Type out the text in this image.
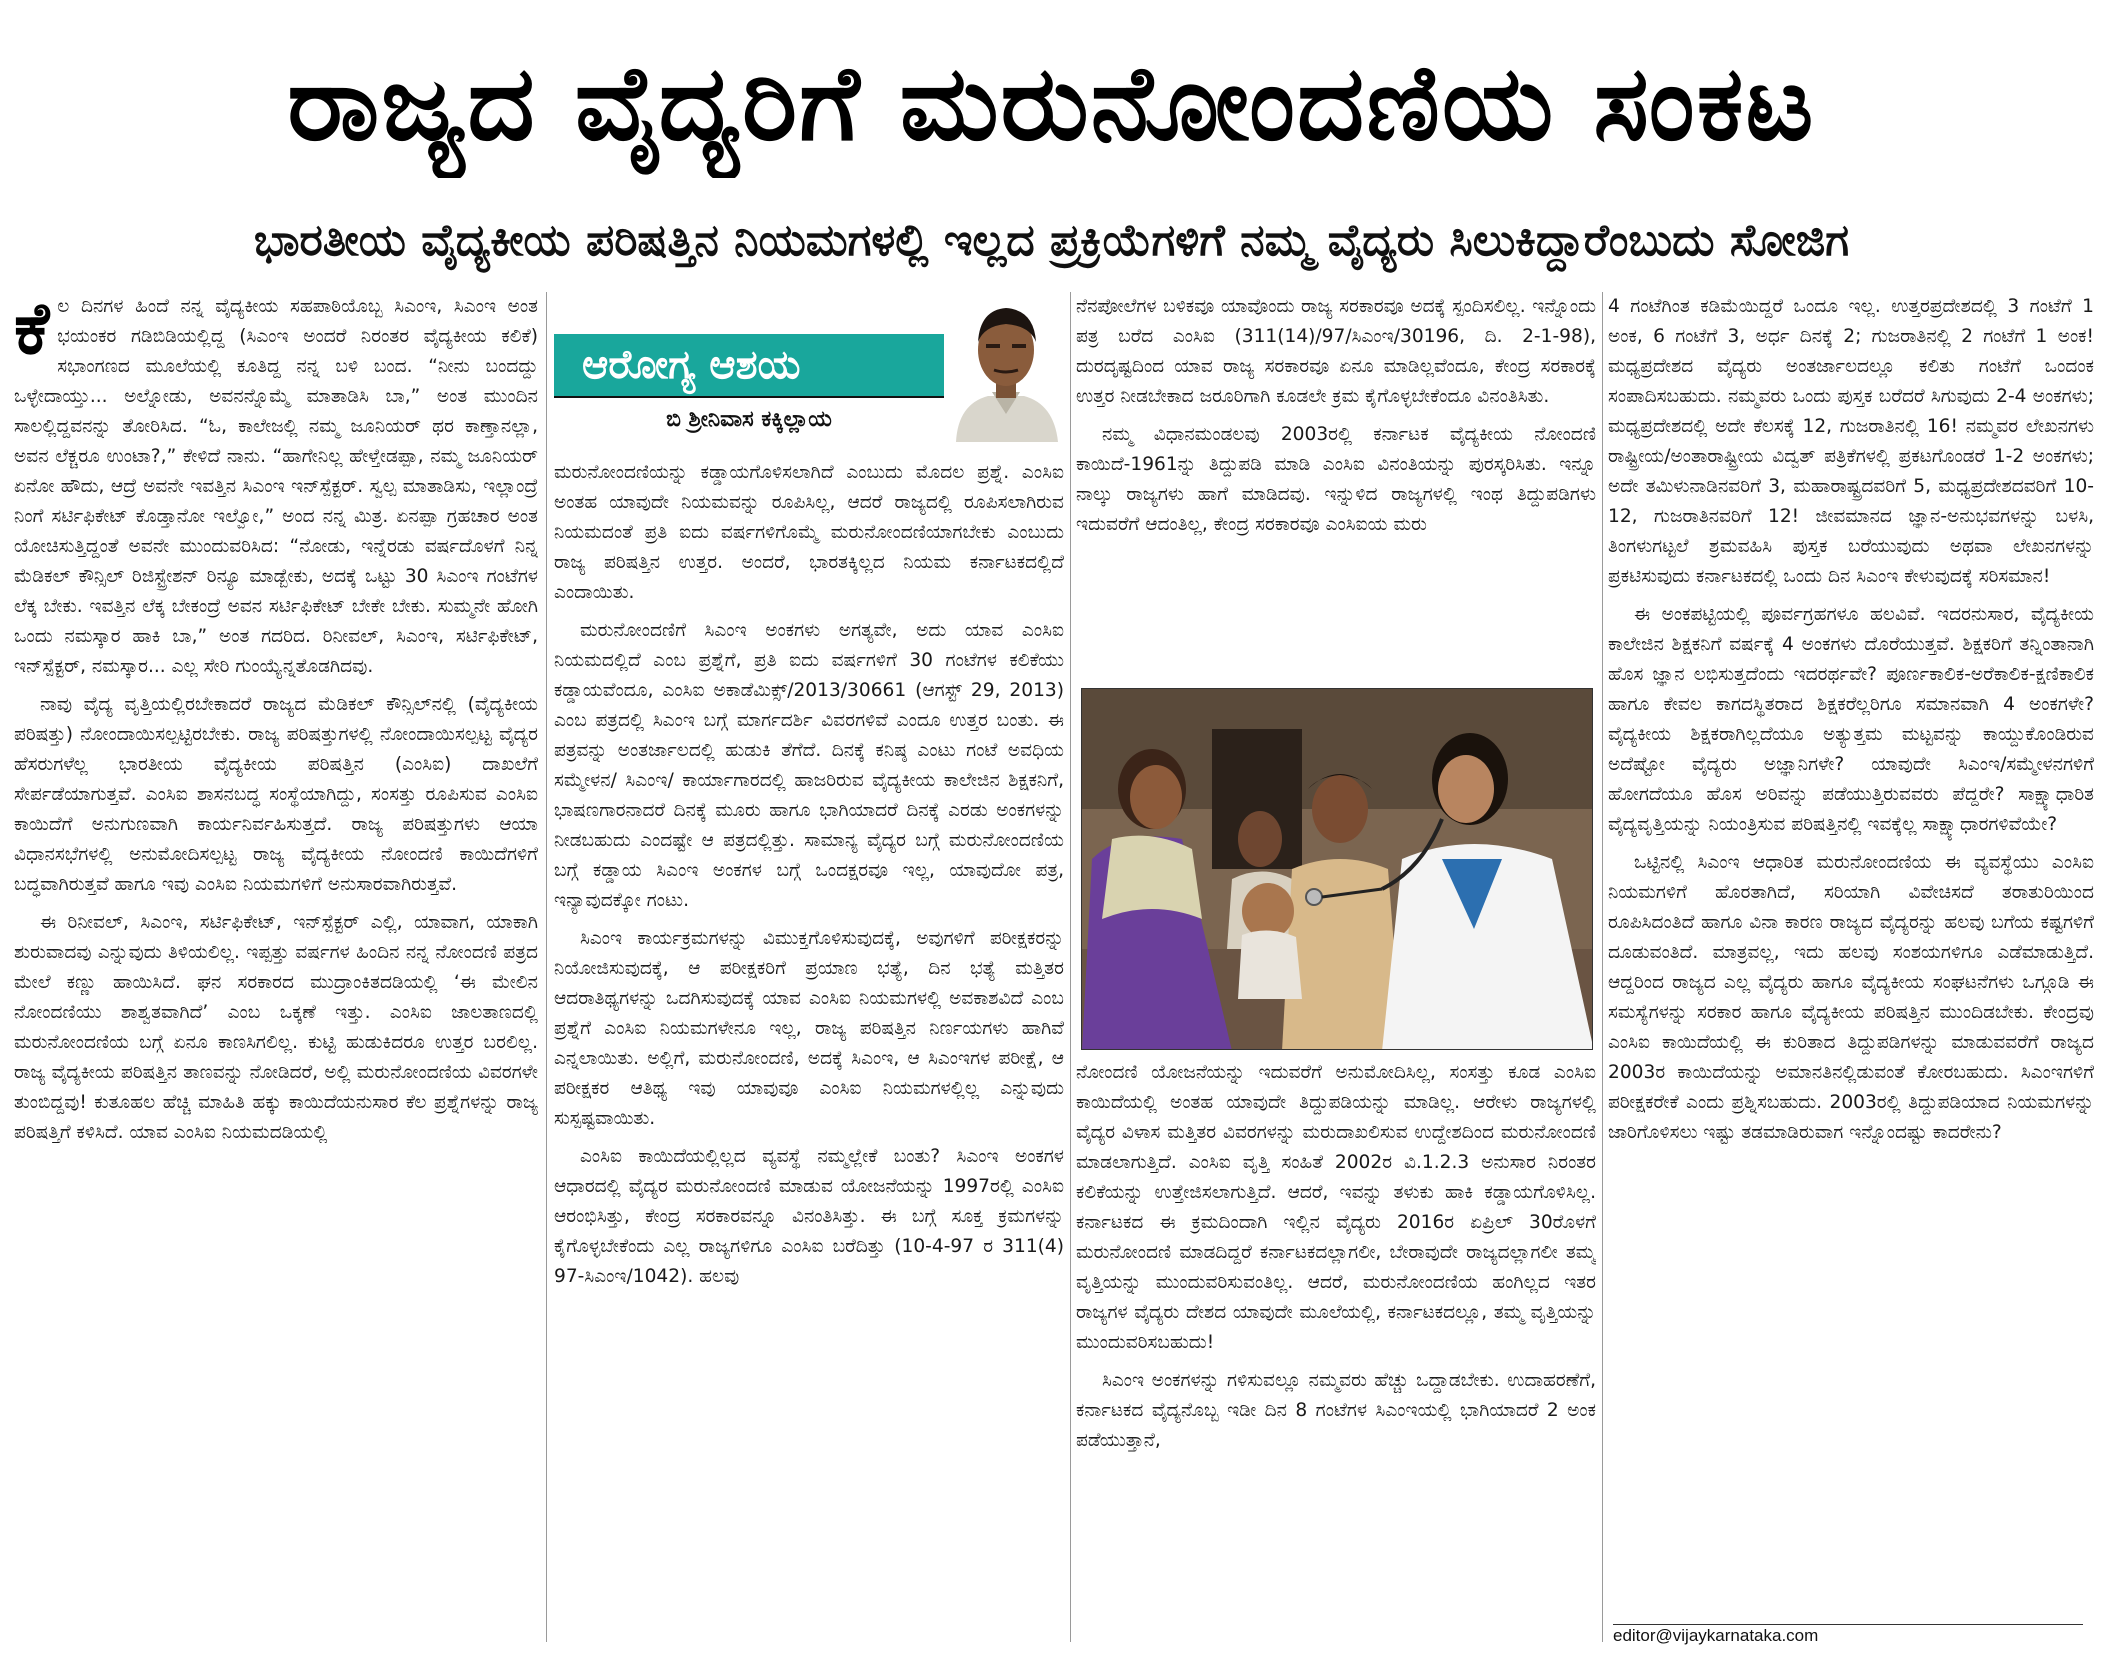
ರಾಜ್ಯದ ವೈದ್ಯರಿಗೆ ಮರುನೋಂದಣಿಯ ಸಂಕಟ
ಭಾರತೀಯ ವೈದ್ಯಕೀಯ ಪರಿಷತ್ತಿನ ನಿಯಮಗಳಲ್ಲಿ ಇಲ್ಲದ ಪ್ರಕ್ರಿಯೆಗಳಿಗೆ ನಮ್ಮ ವೈದ್ಯರು ಸಿಲುಕಿದ್ದಾರೆಂಬುದು ಸೋಜಿಗ

ಕೆಲ ದಿನಗಳ ಹಿಂದೆ ನನ್ನ ವೈದ್ಯಕೀಯ ಸಹಪಾಠಿಯೊಬ್ಬ ಸಿಎಂಇ, ಸಿಎಂಇ ಅಂತ ಭಯಂಕರ ಗಡಿಬಿಡಿಯಲ್ಲಿದ್ದ (ಸಿಎಂಇ ಅಂದರೆ ನಿರಂತರ ವೈದ್ಯಕೀಯ ಕಲಿಕೆ) ಸಭಾಂಗಣದ ಮೂಲೆಯಲ್ಲಿ ಕೂತಿದ್ದ ನನ್ನ ಬಳಿ ಬಂದ. “ನೀನು ಬಂದದ್ದು ಒಳ್ಳೇದಾಯ್ತು... ಅಲ್ನೋಡು, ಅವನನ್ನೊಮ್ಮೆ ಮಾತಾಡಿಸಿ ಬಾ,” ಅಂತ ಮುಂದಿನ ಸಾಲಲ್ಲಿದ್ದವನನ್ನು ತೋರಿಸಿದ. “ಓ, ಕಾಲೇಜಲ್ಲಿ ನಮ್ಮ ಜೂನಿಯರ್ ಥರ ಕಾಣ್ತಾನಲ್ಲಾ, ಅವನ ಲೆಕ್ಚರೂ ಉಂಟಾ?,” ಕೇಳಿದೆ ನಾನು. “ಹಾಗೇನಿಲ್ಲ ಹೇಳ್ತೇಡಪ್ಪಾ, ನಮ್ಮ ಜೂನಿಯರ್ ಏನೋ ಹೌದು, ಆದ್ರೆ ಅವನೇ ಇವತ್ತಿನ ಸಿಎಂಇ ಇನ್‌ಸ್ಪೆಕ್ಟರ್. ಸ್ವಲ್ಪ ಮಾತಾಡಿಸು, ಇಲ್ಲಾಂದ್ರೆ ನಿಂಗೆ ಸರ್ಟಿಫಿಕೇಟ್ ಕೊಡ್ತಾನೋ ಇಲ್ವೋ,” ಅಂದ ನನ್ನ ಮಿತ್ರ. ಏನಪ್ಪಾ ಗ್ರಹಚಾರ ಅಂತ ಯೋಚಿಸುತ್ತಿದ್ದಂತೆ ಅವನೇ ಮುಂದುವರಿಸಿದ: “ನೋಡು, ಇನ್ನೆರಡು ವರ್ಷದೊಳಗೆ ನಿನ್ನ ಮೆಡಿಕಲ್ ಕೌನ್ಸಿಲ್ ರಿಜಿಸ್ಟ್ರೇಶನ್ ರಿನ್ಯೂ ಮಾಡ್ಬೇಕು, ಅದಕ್ಕೆ ಒಟ್ಟು 30 ಸಿಎಂಇ ಗಂಟೆಗಳ ಲೆಕ್ಕ ಬೇಕು. ಇವತ್ತಿನ ಲೆಕ್ಕ ಬೇಕಂದ್ರೆ ಅವನ ಸರ್ಟಿಫಿಕೇಟ್ ಬೇಕೇ ಬೇಕು. ಸುಮ್ಮನೇ ಹೋಗಿ ಒಂದು ನಮಸ್ಕಾರ ಹಾಕಿ ಬಾ,” ಅಂತ ಗದರಿದ. ರಿನೀವಲ್, ಸಿಎಂಇ, ಸರ್ಟಿಫಿಕೇಟ್, ಇನ್‌ಸ್ಪೆಕ್ಟರ್, ನಮಸ್ಕಾರ... ಎಲ್ಲ ಸೇರಿ ಗುಂಯ್ಯೆನ್ನತೊಡಗಿದವು.

ನಾವು ವೈದ್ಯ ವೃತ್ತಿಯಲ್ಲಿರಬೇಕಾದರೆ ರಾಜ್ಯದ ಮೆಡಿಕಲ್ ಕೌನ್ಸಿಲ್‌ನಲ್ಲಿ (ವೈದ್ಯಕೀಯ ಪರಿಷತ್ತು) ನೋಂದಾಯಿಸಲ್ಪಟ್ಟಿರಬೇಕು. ರಾಜ್ಯ ಪರಿಷತ್ತುಗಳಲ್ಲಿ ನೋಂದಾಯಿಸಲ್ಪಟ್ಟ ವೈದ್ಯರ ಹೆಸರುಗಳೆಲ್ಲ ಭಾರತೀಯ ವೈದ್ಯಕೀಯ ಪರಿಷತ್ತಿನ (ಎಂಸಿಐ) ದಾಖಲೆಗೆ ಸೇರ್ಪಡೆಯಾಗುತ್ತವೆ. ಎಂಸಿಐ ಶಾಸನಬದ್ಧ ಸಂಸ್ಥೆಯಾಗಿದ್ದು, ಸಂಸತ್ತು ರೂಪಿಸುವ ಎಂಸಿಐ ಕಾಯಿದೆಗೆ ಅನುಗುಣವಾಗಿ ಕಾರ್ಯನಿರ್ವಹಿಸುತ್ತದೆ. ರಾಜ್ಯ ಪರಿಷತ್ತುಗಳು ಆಯಾ ವಿಧಾನಸಭೆಗಳಲ್ಲಿ ಅನುಮೋದಿಸಲ್ಪಟ್ಟ ರಾಜ್ಯ ವೈದ್ಯಕೀಯ ನೋಂದಣಿ ಕಾಯಿದೆಗಳಿಗೆ ಬದ್ಧವಾಗಿರುತ್ತವೆ ಹಾಗೂ ಇವು ಎಂಸಿಐ ನಿಯಮಗಳಿಗೆ ಅನುಸಾರವಾಗಿರುತ್ತವೆ.

ಈ ರಿನೀವಲ್, ಸಿಎಂಇ, ಸರ್ಟಿಫಿಕೇಟ್, ಇನ್‌ಸ್ಪೆಕ್ಟರ್ ಎಲ್ಲಿ, ಯಾವಾಗ, ಯಾಕಾಗಿ ಶುರುವಾದವು ಎನ್ನುವುದು ತಿಳಿಯಲಿಲ್ಲ. ಇಪ್ಪತ್ತು ವರ್ಷಗಳ ಹಿಂದಿನ ನನ್ನ ನೋಂದಣಿ ಪತ್ರದ ಮೇಲೆ ಕಣ್ಣು ಹಾಯಿಸಿದೆ. ಘನ ಸರಕಾರದ ಮುದ್ರಾಂಕಿತದಡಿಯಲ್ಲಿ ‘ಈ ಮೇಲಿನ ನೋಂದಣಿಯು ಶಾಶ್ವತವಾಗಿದೆ’ ಎಂಬ ಒಕ್ಕಣೆ ಇತ್ತು. ಎಂಸಿಐ ಜಾಲತಾಣದಲ್ಲಿ ಮರುನೋಂದಣಿಯ ಬಗ್ಗೆ ಏನೂ ಕಾಣಸಿಗಲಿಲ್ಲ. ಕುಟ್ಟಿ ಹುಡುಕಿದರೂ ಉತ್ತರ ಬರಲಿಲ್ಲ. ರಾಜ್ಯ ವೈದ್ಯಕೀಯ ಪರಿಷತ್ತಿನ ತಾಣವನ್ನು ನೋಡಿದರೆ, ಅಲ್ಲಿ ಮರುನೋಂದಣಿಯ ವಿವರಗಳೇ ತುಂಬಿದ್ದವು! ಕುತೂಹಲ ಹೆಚ್ಚಿ ಮಾಹಿತಿ ಹಕ್ಕು ಕಾಯಿದೆಯನುಸಾರ ಕೆಲ ಪ್ರಶ್ನೆಗಳನ್ನು ರಾಜ್ಯ ಪರಿಷತ್ತಿಗೆ ಕಳಿಸಿದೆ. ಯಾವ ಎಂಸಿಐ ನಿಯಮದಡಿಯಲ್ಲಿ

ಆರೋಗ್ಯ ಆಶಯ
ಬಿ ಶ್ರೀನಿವಾಸ ಕಕ್ಕಿಲ್ಲಾಯ

ಮರುನೋಂದಣಿಯನ್ನು ಕಡ್ಡಾಯಗೊಳಿಸಲಾಗಿದೆ ಎಂಬುದು ಮೊದಲ ಪ್ರಶ್ನೆ. ಎಂಸಿಐ ಅಂತಹ ಯಾವುದೇ ನಿಯಮವನ್ನು ರೂಪಿಸಿಲ್ಲ, ಆದರೆ ರಾಜ್ಯದಲ್ಲಿ ರೂಪಿಸಲಾಗಿರುವ ನಿಯಮದಂತೆ ಪ್ರತಿ ಐದು ವರ್ಷಗಳಿಗೊಮ್ಮೆ ಮರುನೋಂದಣಿಯಾಗಬೇಕು ಎಂಬುದು ರಾಜ್ಯ ಪರಿಷತ್ತಿನ ಉತ್ತರ. ಅಂದರೆ, ಭಾರತಕ್ಕಿಲ್ಲದ ನಿಯಮ ಕರ್ನಾಟಕದಲ್ಲಿದೆ ಎಂದಾಯಿತು.

ಮರುನೋಂದಣಿಗೆ ಸಿಎಂಇ ಅಂಕಗಳು ಅಗತ್ಯವೇ, ಅದು ಯಾವ ಎಂಸಿಐ ನಿಯಮದಲ್ಲಿದೆ ಎಂಬ ಪ್ರಶ್ನೆಗೆ, ಪ್ರತಿ ಐದು ವರ್ಷಗಳಿಗೆ 30 ಗಂಟೆಗಳ ಕಲಿಕೆಯು ಕಡ್ಡಾಯವೆಂದೂ, ಎಂಸಿಐ ಅಕಾಡೆಮಿಕ್ಸ್/2013/30661 (ಆಗಸ್ಟ್ 29, 2013) ಎಂಬ ಪತ್ರದಲ್ಲಿ ಸಿಎಂಇ ಬಗ್ಗೆ ಮಾರ್ಗದರ್ಶಿ ವಿವರಗಳಿವೆ ಎಂದೂ ಉತ್ತರ ಬಂತು. ಈ ಪತ್ರವನ್ನು ಅಂತರ್ಜಾಲದಲ್ಲಿ ಹುಡುಕಿ ತೆಗೆದೆ. ದಿನಕ್ಕೆ ಕನಿಷ್ಠ ಎಂಟು ಗಂಟೆ ಅವಧಿಯ ಸಮ್ಮೇಳನ/ ಸಿಎಂಇ/ ಕಾರ್ಯಾಗಾರದಲ್ಲಿ ಹಾಜರಿರುವ ವೈದ್ಯಕೀಯ ಕಾಲೇಜಿನ ಶಿಕ್ಷಕನಿಗೆ, ಭಾಷಣಗಾರನಾದರೆ ದಿನಕ್ಕೆ ಮೂರು ಹಾಗೂ ಭಾಗಿಯಾದರೆ ದಿನಕ್ಕೆ ಎರಡು ಅಂಕಗಳನ್ನು ನೀಡಬಹುದು ಎಂದಷ್ಟೇ ಆ ಪತ್ರದಲ್ಲಿತ್ತು. ಸಾಮಾನ್ಯ ವೈದ್ಯರ ಬಗ್ಗೆ ಮರುನೋಂದಣಿಯ ಬಗ್ಗೆ ಕಡ್ಡಾಯ ಸಿಎಂಇ ಅಂಕಗಳ ಬಗ್ಗೆ ಒಂದಕ್ಷರವೂ ಇಲ್ಲ, ಯಾವುದೋ ಪತ್ರ, ಇನ್ಯಾವುದಕ್ಕೋ ಗಂಟು.

ಸಿಎಂಇ ಕಾರ್ಯಕ್ರಮಗಳನ್ನು ವಿಮುಕ್ತಗೊಳಿಸುವುದಕ್ಕೆ, ಅವುಗಳಿಗೆ ಪರೀಕ್ಷಕರನ್ನು ನಿಯೋಜಿಸುವುದಕ್ಕೆ, ಆ ಪರೀಕ್ಷಕರಿಗೆ ಪ್ರಯಾಣ ಭತ್ಯೆ, ದಿನ ಭತ್ಯೆ ಮತ್ತಿತರ ಆದರಾತಿಥ್ಯಗಳನ್ನು ಒದಗಿಸುವುದಕ್ಕೆ ಯಾವ ಎಂಸಿಐ ನಿಯಮಗಳಲ್ಲಿ ಅವಕಾಶವಿದೆ ಎಂಬ ಪ್ರಶ್ನೆಗೆ ಎಂಸಿಐ ನಿಯಮಗಳೇನೂ ಇಲ್ಲ, ರಾಜ್ಯ ಪರಿಷತ್ತಿನ ನಿರ್ಣಯಗಳು ಹಾಗಿವೆ ಎನ್ನಲಾಯಿತು. ಅಲ್ಲಿಗೆ, ಮರುನೋಂದಣಿ, ಅದಕ್ಕೆ ಸಿಎಂಇ, ಆ ಸಿಎಂಇಗಳ ಪರೀಕ್ಷೆ, ಆ ಪರೀಕ್ಷಕರ ಆತಿಥ್ಯ ಇವು ಯಾವುವೂ ಎಂಸಿಐ ನಿಯಮಗಳಲ್ಲಿಲ್ಲ ಎನ್ನುವುದು ಸುಸ್ಪಷ್ಟವಾಯಿತು.

ಎಂಸಿಐ ಕಾಯಿದೆಯಲ್ಲಿಲ್ಲದ ವ್ಯವಸ್ಥೆ ನಮ್ಮಲ್ಲೇಕೆ ಬಂತು? ಸಿಎಂಇ ಅಂಕಗಳ ಆಧಾರದಲ್ಲಿ ವೈದ್ಯರ ಮರುನೋಂದಣಿ ಮಾಡುವ ಯೋಜನೆಯನ್ನು 1997ರಲ್ಲಿ ಎಂಸಿಐ ಆರಂಭಿಸಿತ್ತು, ಕೇಂದ್ರ ಸರಕಾರವನ್ನೂ ವಿನಂತಿಸಿತ್ತು. ಈ ಬಗ್ಗೆ ಸೂಕ್ತ ಕ್ರಮಗಳನ್ನು ಕೈಗೊಳ್ಳಬೇಕೆಂದು ಎಲ್ಲ ರಾಜ್ಯಗಳಿಗೂ ಎಂಸಿಐ ಬರೆದಿತ್ತು (10-4-97 ರ 311(4) 97-ಸಿಎಂಇ/1042). ಹಲವು

ನೆನಪೋಲೆಗಳ ಬಳಿಕವೂ ಯಾವೊಂದು ರಾಜ್ಯ ಸರಕಾರವೂ ಅದಕ್ಕೆ ಸ್ಪಂದಿಸಲಿಲ್ಲ. ಇನ್ನೊಂದು ಪತ್ರ ಬರೆದ ಎಂಸಿಐ (311(14)/97/ಸಿಎಂಇ/30196, ದಿ. 2-1-98), ದುರದೃಷ್ಟದಿಂದ ಯಾವ ರಾಜ್ಯ ಸರಕಾರವೂ ಏನೂ ಮಾಡಿಲ್ಲವೆಂದೂ, ಕೇಂದ್ರ ಸರಕಾರಕ್ಕೆ ಉತ್ತರ ನೀಡಬೇಕಾದ ಜರೂರಿಗಾಗಿ ಕೂಡಲೇ ಕ್ರಮ ಕೈಗೊಳ್ಳಬೇಕೆಂದೂ ವಿನಂತಿಸಿತು.

ನಮ್ಮ ವಿಧಾನಮಂಡಲವು 2003ರಲ್ಲಿ ಕರ್ನಾಟಕ ವೈದ್ಯಕೀಯ ನೋಂದಣಿ ಕಾಯಿದೆ-1961ನ್ನು ತಿದ್ದುಪಡಿ ಮಾಡಿ ಎಂಸಿಐ ವಿನಂತಿಯನ್ನು ಪುರಸ್ಕರಿಸಿತು. ಇನ್ನೂ ನಾಲ್ಕು ರಾಜ್ಯಗಳು ಹಾಗೆ ಮಾಡಿದವು. ಇನ್ನುಳಿದ ರಾಜ್ಯಗಳಲ್ಲಿ ಇಂಥ ತಿದ್ದುಪಡಿಗಳು ಇದುವರೆಗೆ ಆದಂತಿಲ್ಲ, ಕೇಂದ್ರ ಸರಕಾರವೂ ಎಂಸಿಐಯ ಮರು

ನೋಂದಣಿ ಯೋಜನೆಯನ್ನು ಇದುವರೆಗೆ ಅನುಮೋದಿಸಿಲ್ಲ, ಸಂಸತ್ತು ಕೂಡ ಎಂಸಿಐ ಕಾಯಿದೆಯಲ್ಲಿ ಅಂತಹ ಯಾವುದೇ ತಿದ್ದುಪಡಿಯನ್ನು ಮಾಡಿಲ್ಲ. ಆರೇಳು ರಾಜ್ಯಗಳಲ್ಲಿ ವೈದ್ಯರ ವಿಳಾಸ ಮತ್ತಿತರ ವಿವರಗಳನ್ನು ಮರುದಾಖಲಿಸುವ ಉದ್ದೇಶದಿಂದ ಮರುನೋಂದಣಿ ಮಾಡಲಾಗುತ್ತಿದೆ. ಎಂಸಿಐ ವೃತ್ತಿ ಸಂಹಿತೆ 2002ರ ವಿ.1.2.3 ಅನುಸಾರ ನಿರಂತರ ಕಲಿಕೆಯನ್ನು ಉತ್ತೇಜಿಸಲಾಗುತ್ತಿದೆ. ಆದರೆ, ಇವನ್ನು ತಳುಕು ಹಾಕಿ ಕಡ್ಡಾಯಗೊಳಿಸಿಲ್ಲ. ಕರ್ನಾಟಕದ ಈ ಕ್ರಮದಿಂದಾಗಿ ಇಲ್ಲಿನ ವೈದ್ಯರು 2016ರ ಏಪ್ರಿಲ್ 30ರೊಳಗೆ ಮರುನೋಂದಣಿ ಮಾಡದಿದ್ದರೆ ಕರ್ನಾಟಕದಲ್ಲಾಗಲೀ, ಬೇರಾವುದೇ ರಾಜ್ಯದಲ್ಲಾಗಲೀ ತಮ್ಮ ವೃತ್ತಿಯನ್ನು ಮುಂದುವರಿಸುವಂತಿಲ್ಲ. ಆದರೆ, ಮರುನೋಂದಣಿಯ ಹಂಗಿಲ್ಲದ ಇತರ ರಾಜ್ಯಗಳ ವೈದ್ಯರು ದೇಶದ ಯಾವುದೇ ಮೂಲೆಯಲ್ಲಿ, ಕರ್ನಾಟಕದಲ್ಲೂ, ತಮ್ಮ ವೃತ್ತಿಯನ್ನು ಮುಂದುವರಿಸಬಹುದು!

ಸಿಎಂಇ ಅಂಕಗಳನ್ನು ಗಳಿಸುವಲ್ಲೂ ನಮ್ಮವರು ಹೆಚ್ಚು ಒದ್ದಾಡಬೇಕು. ಉದಾಹರಣೆಗೆ, ಕರ್ನಾಟಕದ ವೈದ್ಯನೊಬ್ಬ ಇಡೀ ದಿನ 8 ಗಂಟೆಗಳ ಸಿಎಂಇಯಲ್ಲಿ ಭಾಗಿಯಾದರೆ 2 ಅಂಕ ಪಡೆಯುತ್ತಾನೆ,

4 ಗಂಟೆಗಿಂತ ಕಡಿಮೆಯಿದ್ದರೆ ಒಂದೂ ಇಲ್ಲ. ಉತ್ತರಪ್ರದೇಶದಲ್ಲಿ 3 ಗಂಟೆಗೆ 1 ಅಂಕ, 6 ಗಂಟೆಗೆ 3, ಅರ್ಧ ದಿನಕ್ಕೆ 2; ಗುಜರಾತಿನಲ್ಲಿ 2 ಗಂಟೆಗೆ 1 ಅಂಕ! ಮಧ್ಯಪ್ರದೇಶದ ವೈದ್ಯರು ಅಂತರ್ಜಾಲದಲ್ಲೂ ಕಲಿತು ಗಂಟೆಗೆ ಒಂದಂಕ ಸಂಪಾದಿಸಬಹುದು. ನಮ್ಮವರು ಒಂದು ಪುಸ್ತಕ ಬರೆದರೆ ಸಿಗುವುದು 2-4 ಅಂಕಗಳು; ಮಧ್ಯಪ್ರದೇಶದಲ್ಲಿ ಅದೇ ಕೆಲಸಕ್ಕೆ 12, ಗುಜರಾತಿನಲ್ಲಿ 16! ನಮ್ಮವರ ಲೇಖನಗಳು ರಾಷ್ಟ್ರೀಯ/ಅಂತಾರಾಷ್ಟ್ರೀಯ ವಿದ್ವತ್ ಪತ್ರಿಕೆಗಳಲ್ಲಿ ಪ್ರಕಟಗೊಂಡರೆ 1-2 ಅಂಕಗಳು; ಅದೇ ತಮಿಳುನಾಡಿನವರಿಗೆ 3, ಮಹಾರಾಷ್ಟ್ರದವರಿಗೆ 5, ಮಧ್ಯಪ್ರದೇಶದವರಿಗೆ 10-12, ಗುಜರಾತಿನವರಿಗೆ 12! ಜೀವಮಾನದ ಜ್ಞಾನ-ಅನುಭವಗಳನ್ನು ಬಳಸಿ, ತಿಂಗಳುಗಟ್ಟಲೆ ಶ್ರಮವಹಿಸಿ ಪುಸ್ತಕ ಬರೆಯುವುದು ಅಥವಾ ಲೇಖನಗಳನ್ನು ಪ್ರಕಟಿಸುವುದು ಕರ್ನಾಟಕದಲ್ಲಿ ಒಂದು ದಿನ ಸಿಎಂಇ ಕೇಳುವುದಕ್ಕೆ ಸರಿಸಮಾನ!

ಈ ಅಂಕಪಟ್ಟಿಯಲ್ಲಿ ಪೂರ್ವಗ್ರಹಗಳೂ ಹಲವಿವೆ. ಇದರನುಸಾರ, ವೈದ್ಯಕೀಯ ಕಾಲೇಜಿನ ಶಿಕ್ಷಕನಿಗೆ ವರ್ಷಕ್ಕೆ 4 ಅಂಕಗಳು ದೊರೆಯುತ್ತವೆ. ಶಿಕ್ಷಕರಿಗೆ ತನ್ನಿಂತಾನಾಗಿ ಹೊಸ ಜ್ಞಾನ ಲಭಿಸುತ್ತದೆಂದು ಇದರರ್ಥವೇ? ಪೂರ್ಣಕಾಲಿಕ-ಅರೆಕಾಲಿಕ-ಕ್ಷಣಿಕಾಲಿಕ ಹಾಗೂ ಕೇವಲ ಕಾಗದಸ್ಥಿತರಾದ ಶಿಕ್ಷಕರೆಲ್ಲರಿಗೂ ಸಮಾನವಾಗಿ 4 ಅಂಕಗಳೇ? ವೈದ್ಯಕೀಯ ಶಿಕ್ಷಕರಾಗಿಲ್ಲದೆಯೂ ಅತ್ಯುತ್ತಮ ಮಟ್ಟವನ್ನು ಕಾಯ್ದುಕೊಂಡಿರುವ ಅದೆಷ್ಟೋ ವೈದ್ಯರು ಅಜ್ಞಾನಿಗಳೇ? ಯಾವುದೇ ಸಿಎಂಇ/ಸಮ್ಮೇಳನಗಳಿಗೆ ಹೋಗದೆಯೂ ಹೊಸ ಅರಿವನ್ನು ಪಡೆಯುತ್ತಿರುವವರು ಪೆದ್ದರೇ? ಸಾಕ್ಷ್ಯಾಧಾರಿತ ವೈದ್ಯವೃತ್ತಿಯನ್ನು ನಿಯಂತ್ರಿಸುವ ಪರಿಷತ್ತಿನಲ್ಲಿ ಇವಕ್ಕೆಲ್ಲ ಸಾಕ್ಷ್ಯಾಧಾರಗಳಿವೆಯೇ?

ಒಟ್ಟಿನಲ್ಲಿ ಸಿಎಂಇ ಆಧಾರಿತ ಮರುನೋಂದಣಿಯ ಈ ವ್ಯವಸ್ಥೆಯು ಎಂಸಿಐ ನಿಯಮಗಳಿಗೆ ಹೊರತಾಗಿದೆ, ಸರಿಯಾಗಿ ವಿವೇಚಿಸದೆ ತರಾತುರಿಯಿಂದ ರೂಪಿಸಿದಂತಿದೆ ಹಾಗೂ ವಿನಾ ಕಾರಣ ರಾಜ್ಯದ ವೈದ್ಯರನ್ನು ಹಲವು ಬಗೆಯ ಕಷ್ಟಗಳಿಗೆ ದೂಡುವಂತಿದೆ. ಮಾತ್ರವಲ್ಲ, ಇದು ಹಲವು ಸಂಶಯಗಳಿಗೂ ಎಡೆಮಾಡುತ್ತಿದೆ. ಆದ್ದರಿಂದ ರಾಜ್ಯದ ಎಲ್ಲ ವೈದ್ಯರು ಹಾಗೂ ವೈದ್ಯಕೀಯ ಸಂಘಟನೆಗಳು ಒಗ್ಗೂಡಿ ಈ ಸಮಸ್ಯೆಗಳನ್ನು ಸರಕಾರ ಹಾಗೂ ವೈದ್ಯಕೀಯ ಪರಿಷತ್ತಿನ ಮುಂದಿಡಬೇಕು. ಕೇಂದ್ರವು ಎಂಸಿಐ ಕಾಯಿದೆಯಲ್ಲಿ ಈ ಕುರಿತಾದ ತಿದ್ದುಪಡಿಗಳನ್ನು ಮಾಡುವವರೆಗೆ ರಾಜ್ಯದ 2003ರ ಕಾಯಿದೆಯನ್ನು ಅಮಾನತಿನಲ್ಲಿಡುವಂತೆ ಕೋರಬಹುದು. ಸಿಎಂಇಗಳಿಗೆ ಪರೀಕ್ಷಕರೇಕೆ ಎಂದು ಪ್ರಶ್ನಿಸಬಹುದು. 2003ರಲ್ಲಿ ತಿದ್ದುಪಡಿಯಾದ ನಿಯಮಗಳನ್ನು ಜಾರಿಗೊಳಿಸಲು ಇಷ್ಟು ತಡಮಾಡಿರುವಾಗ ಇನ್ನೊಂದಷ್ಟು ಕಾದರೇನು?

editor@vijaykarnataka.com
